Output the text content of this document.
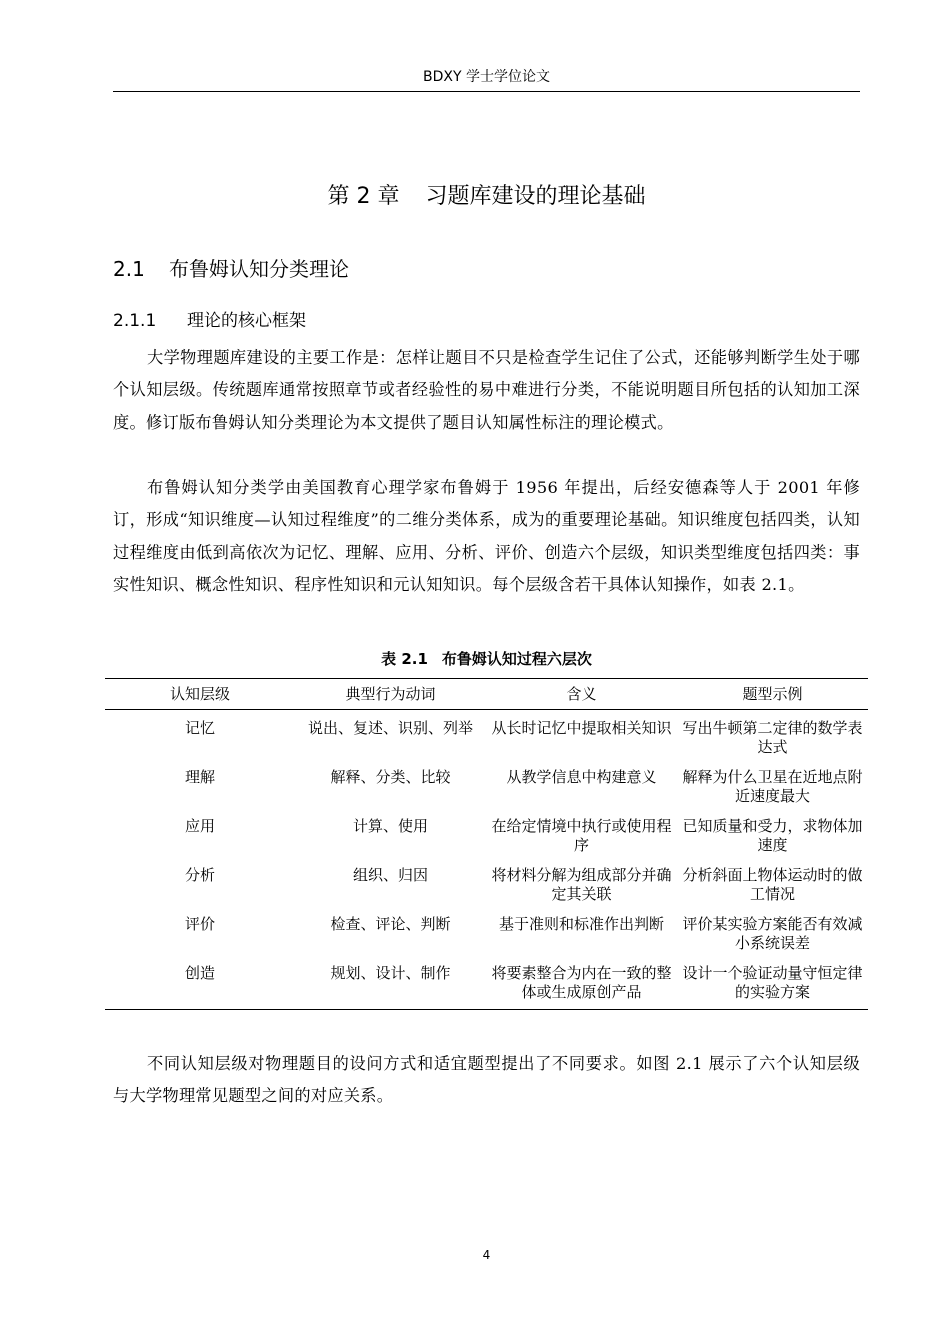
BDXY 学士学位论文
第 2 章 习题库建设的理论基础
2.1 布鲁姆认知分类理论
2.1.1 理论的核心框架

大学物理题库建设的主要工作是：怎样让题目不只是检查学生记住了公式，还能够判断学生处于哪个认知层级。传统题库通常按照章节或者经验性的易中难进行分类，不能说明题目所包括的认知加工深度。修订版布鲁姆认知分类理论为本文提供了题目认知属性标注的理论模式。

布鲁姆认知分类学由美国教育心理学家布鲁姆于 1956 年提出，后经安德森等人于 2001 年修订，形成“知识维度—认知过程维度”的二维分类体系，成为的重要理论基础。知识维度包括四类，认知过程维度由低到高依次为记忆、理解、应用、分析、评价、创造六个层级，知识类型维度包括四类：事实性知识、概念性知识、程序性知识和元认知知识。每个层级含若干具体认知操作，如表 2.1。

表 2.1 布鲁姆认知过程六层次
认知层级	典型行为动词	含义	题型示例
记忆	说出、复述、识别、列举	从长时记忆中提取相关知识	写出牛顿第二定律的数学表达式
理解	解释、分类、比较	从教学信息中构建意义	解释为什么卫星在近地点附近速度最大
应用	计算、使用	在给定情境中执行或使用程序	已知质量和受力，求物体加速度
分析	组织、归因	将材料分解为组成部分并确定其关联	分析斜面上物体运动时的做工情况
评价	检查、评论、判断	基于准则和标准作出判断	评价某实验方案能否有效减小系统误差
创造	规划、设计、制作	将要素整合为内在一致的整体或生成原创产品	设计一个验证动量守恒定律的实验方案

不同认知层级对物理题目的设问方式和适宜题型提出了不同要求。如图 2.1 展示了六个认知层级与大学物理常见题型之间的对应关系。

4
